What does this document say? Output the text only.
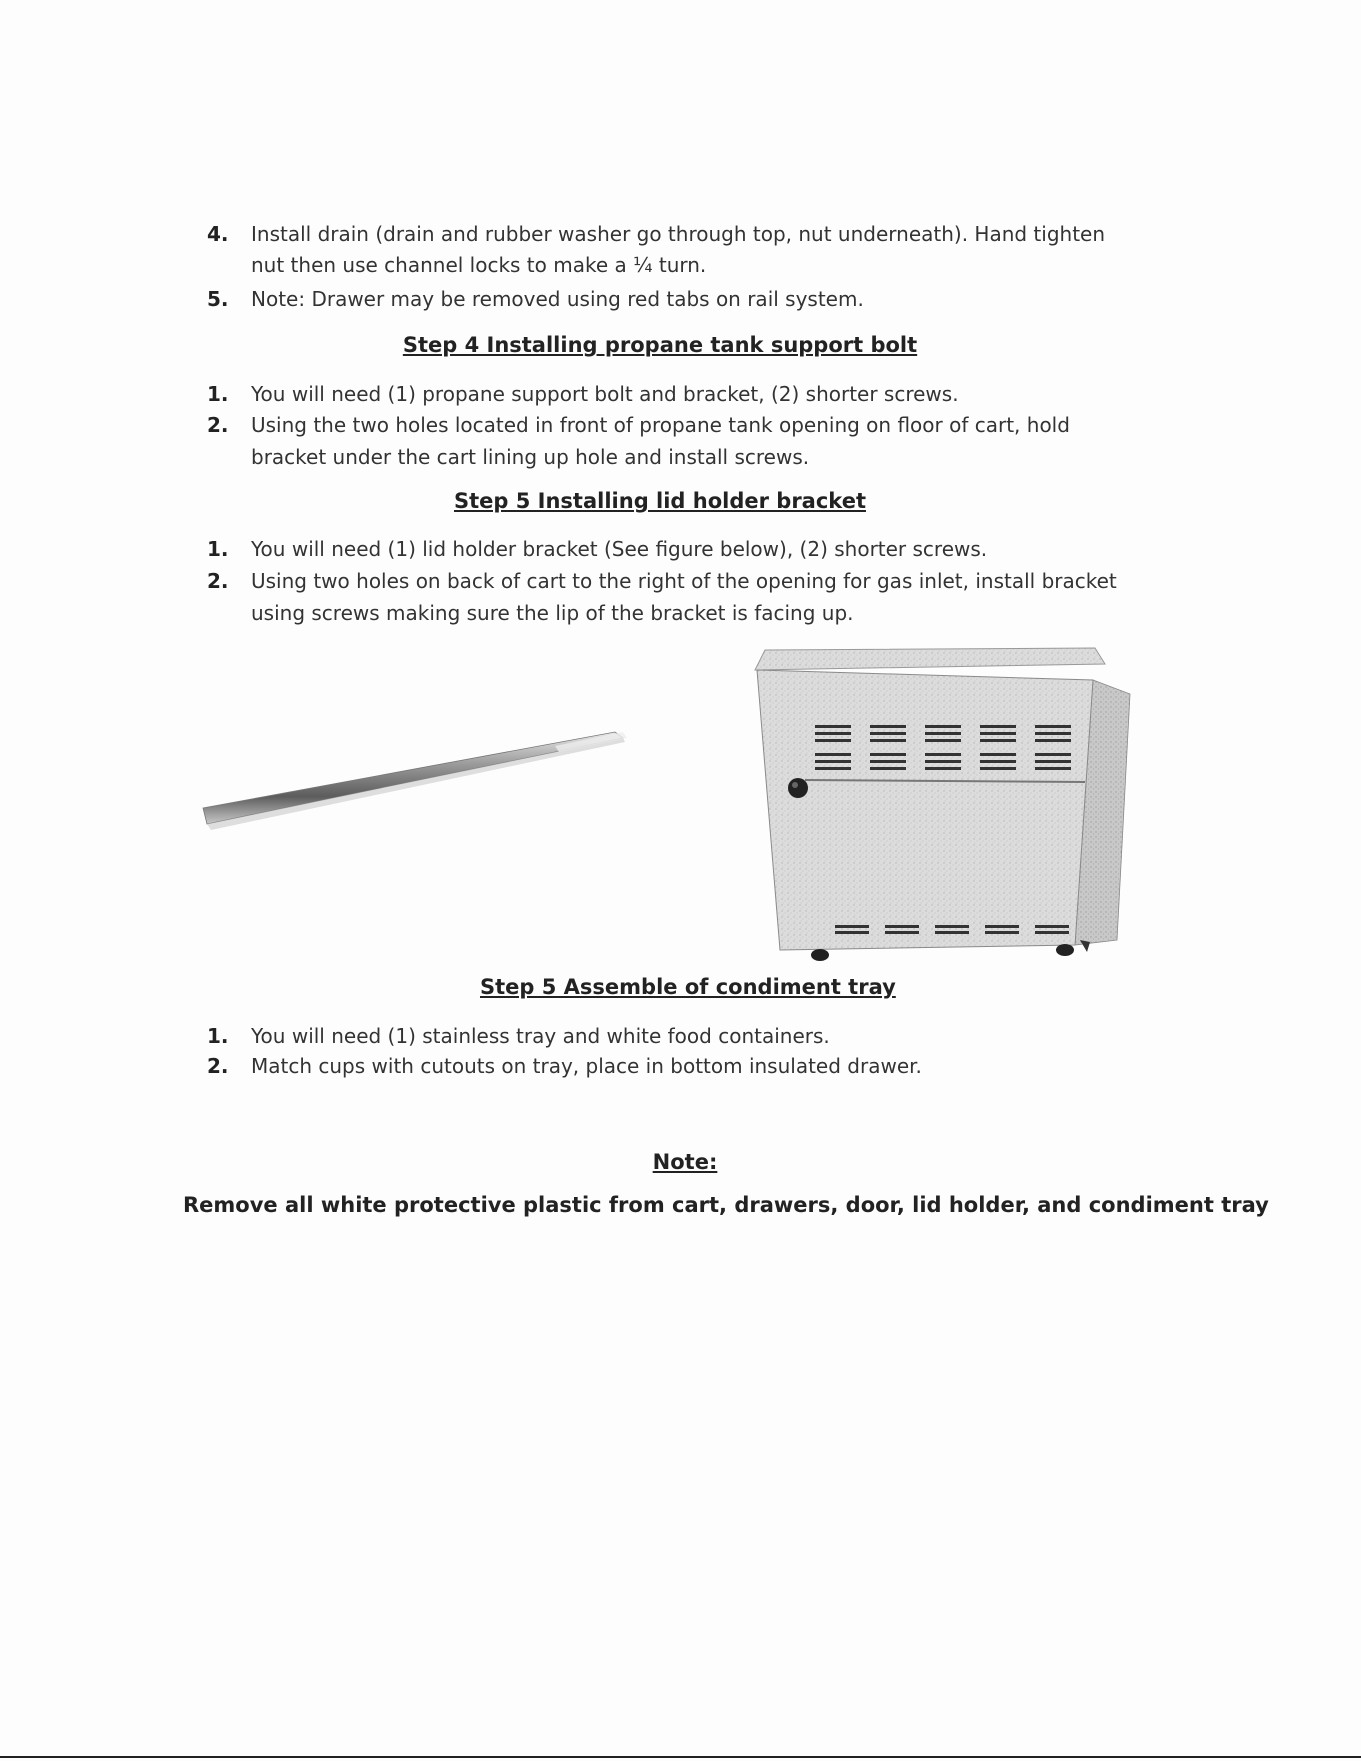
4.	Install drain (drain and rubber washer go through top, nut underneath). Hand tighten
nut then use channel locks to make a ¼ turn.
5.	Note: Drawer may be removed using red tabs on rail system.
Step 4 Installing propane tank support bolt
1.	You will need (1) propane support bolt and bracket, (2) shorter screws.
2.	Using the two holes located in front of propane tank opening on floor of cart, hold
bracket under the cart lining up hole and install screws.
Step 5 Installing lid holder bracket
1.	You will need (1) lid holder bracket (See figure below), (2) shorter screws.
2.	Using two holes on back of cart to the right of the opening for gas inlet, install bracket
using screws making sure the lip of the bracket is facing up.
Step 5 Assemble of condiment tray
1.	You will need (1) stainless tray and white food containers.
2.	Match cups with cutouts on tray, place in bottom insulated drawer.
Note:
Remove all white protective plastic from cart, drawers, door, lid holder, and condiment tray
